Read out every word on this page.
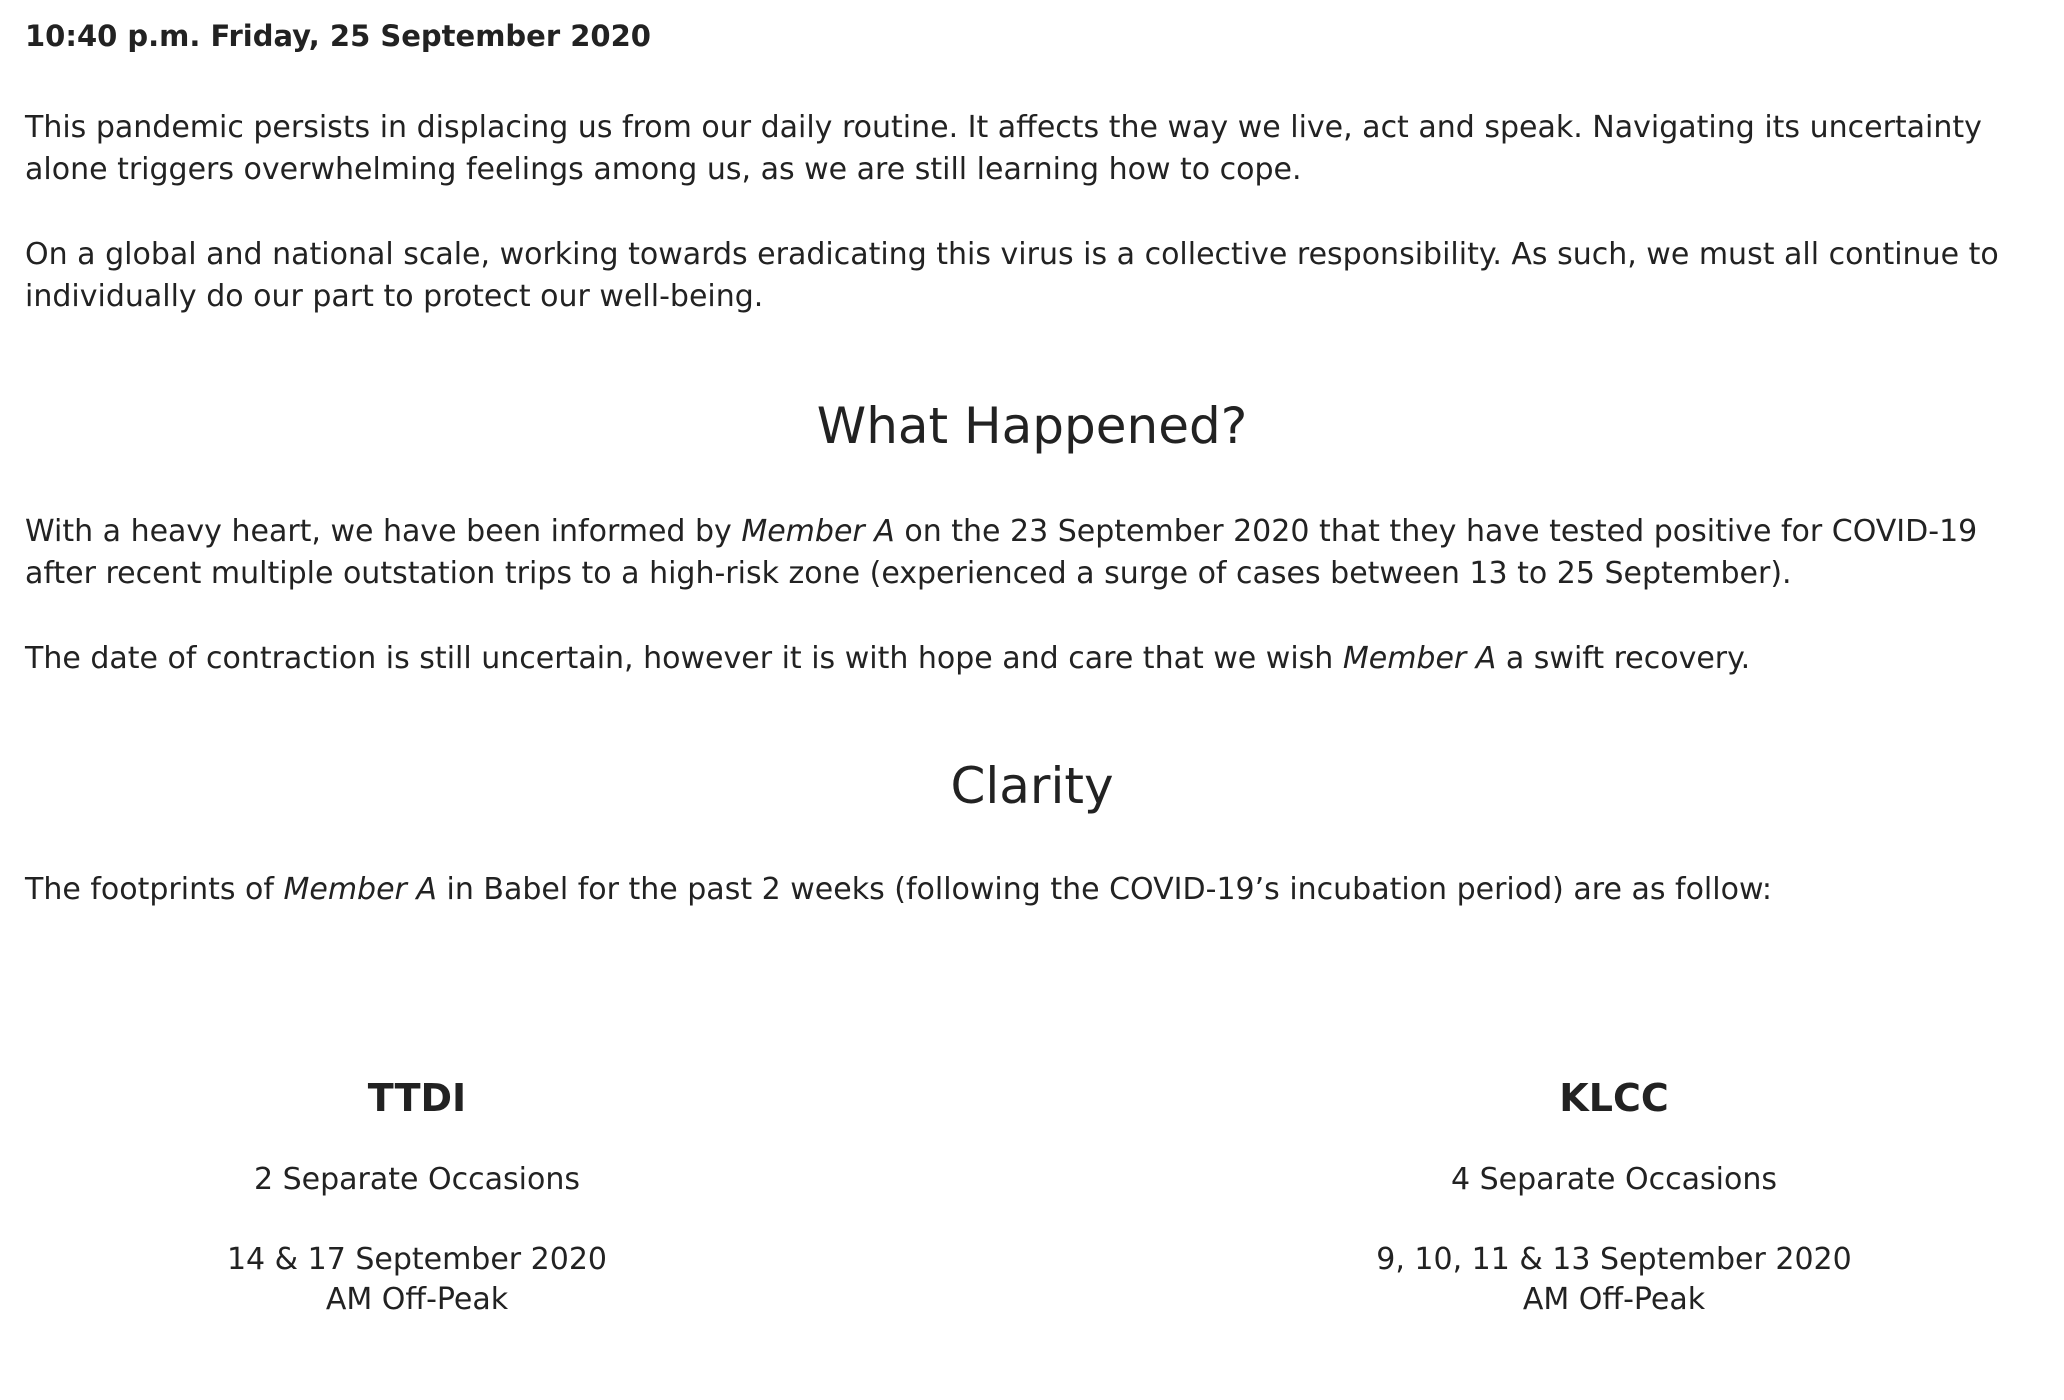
10:40 p.m. Friday, 25 September 2020

This pandemic persists in displacing us from our daily routine. It affects the way we live, act and speak. Navigating its uncertainty alone triggers overwhelming feelings among us, as we are still learning how to cope.

On a global and national scale, working towards eradicating this virus is a collective responsibility. As such, we must all continue to individually do our part to protect our well-being.

What Happened?

With a heavy heart, we have been informed by Member A on the 23 September 2020 that they have tested positive for COVID-19 after recent multiple outstation trips to a high-risk zone (experienced a surge of cases between 13 to 25 September).

The date of contraction is still uncertain, however it is with hope and care that we wish Member A a swift recovery.

Clarity

The footprints of Member A in Babel for the past 2 weeks (following the COVID-19’s incubation period) are as follow:

TTDI
2 Separate Occasions
14 & 17 September 2020
AM Off-Peak
KLCC
4 Separate Occasions
9, 10, 11 & 13 September 2020
AM Off-Peak
